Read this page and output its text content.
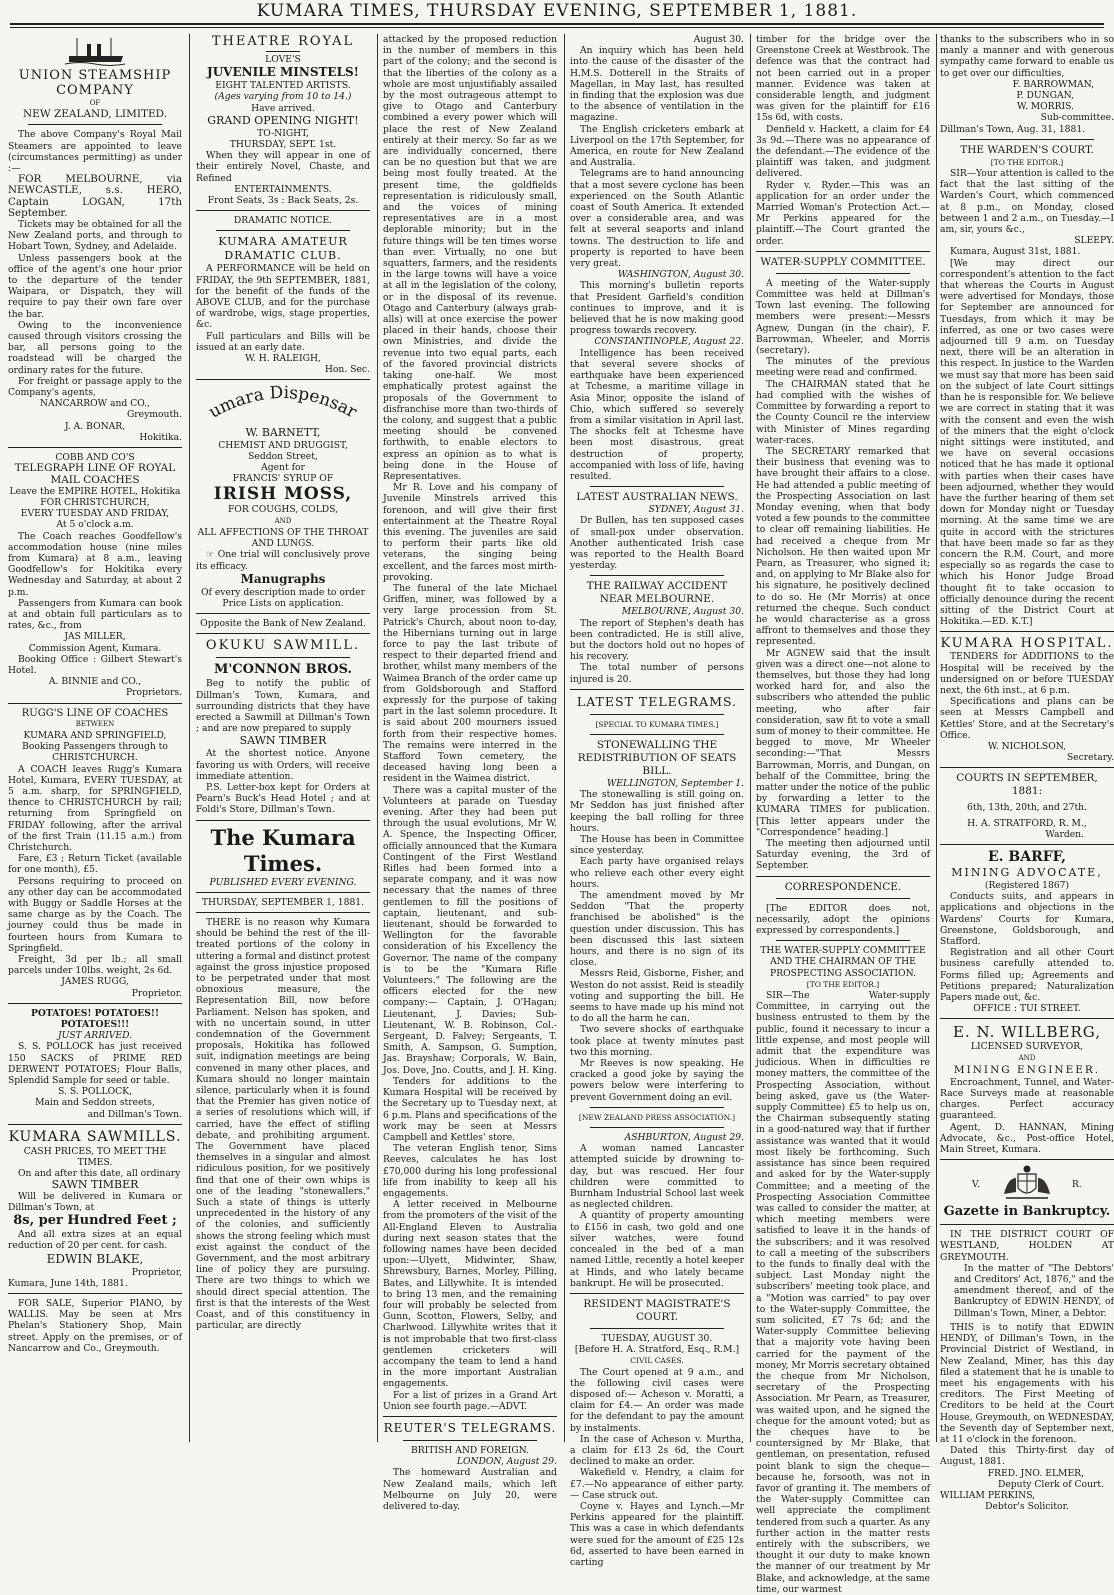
KUMARA TIMES, THURSDAY EVENING, SEPTEMBER 1, 1881.

UNION STEAMSHIP COMPANY

OF

NEW ZEALAND, LIMITED.

The above Company's Royal Mail Steamers are appointed to leave (circumstances permitting) as under :—

FOR MELBOURNE, via NEWCASTLE, s.s. HERO, Captain LOGAN, 17th September.

Tickets may be obtained for all the New Zealand ports, and through to Hobart Town, Sydney, and Adelaide.

Unless passengers book at the office of the agent's one hour prior to the departure of the tender Waipara, or Dispatch, they will require to pay their own fare over the bar.

Owing to the inconvenience caused through visitors crossing the bar, all persons going to the roadstead will be charged the ordinary rates for the future.

For freight or passage apply to the Company's agents,

NANCARROW and CO.,

Greymouth.

J. A. BONAR,

Hokitika.

COBB AND CO'S

TELEGRAPH LINE OF ROYAL MAIL COACHES

Leave the EMPIRE HOTEL, Hokitika

FOR CHRISTCHURCH,

EVERY TUESDAY AND FRIDAY,

At 5 o'clock a.m.

The Coach reaches Goodfellow's accommodation house (nine miles from Kumara) at 8 a.m., leaving Goodfellow's for Hokitika every Wednesday and Saturday, at about 2 p.m.

Passengers from Kumara can book at and obtain full particulars as to rates, &c., from

JAS MILLER,

Commission Agent, Kumara.

Booking Office : Gilbert Stewart's Hotel.

A. BINNIE and CO.,

Proprietors.

RUGG'S LINE OF COACHES

BETWEEN

KUMARA AND SPRINGFIELD,

Booking Passengers through to

CHRISTCHURCH.

A COACH leaves Rugg's Kumara Hotel, Kumara, EVERY TUESDAY, at 5 a.m. sharp, for SPRINGFIELD, thence to CHRISTCHURCH by rail; returning from Springfield on FRIDAY following, after the arrival of the first Train (11.15 a.m.) from Christchurch.

Fare, £3 ; Return Ticket (available for one month), £5.

Persons requiring to proceed on any other day can be accommodated with Buggy or Saddle Horses at the same charge as by the Coach. The journey could thus be made in fourteen hours from Kumara to Springfield.

Freight, 3d per lb.; all small parcels under 10lbs. weight, 2s 6d.

JAMES RUGG,

Proprietor.

POTATOES! POTATOES!! POTATOES!!!

JUST ARRIVED.

S. S. POLLOCK has just received 150 SACKS of PRIME RED DERWENT POTATOES; Flour Balls, Splendid Sample for seed or table.

S. S. POLLOCK,

Main and Seddon streets,

and Dillman's Town.

KUMARA SAWMILLS.

CASH PRICES, TO MEET THE TIMES.

On and after this date, all ordinary

SAWN TIMBER

Will be delivered in Kumara or Dillman's Town, at

8s, per Hundred Feet ;

And all extra sizes at an equal reduction of 20 per cent. for cash.

EDWIN BLAKE,

Proprietor,

Kumara, June 14th, 1881.

FOR SALE, Superior PIANO, by WALLIS. May be seen at Mrs Phelan's Stationery Shop, Main street. Apply on the premises, or of Nancarrow and Co., Greymouth.

THEATRE ROYAL

LOVE'S

JUVENILE MINSTELS!

EIGHT TALENTED ARTISTS.

(Ages varying from 10 to 14.)

Have arrived.

GRAND OPENING NIGHT!

TO-NIGHT,

THURSDAY, SEPT. 1st.

When they will appear in one of their entirely Novel, Chaste, and Refined

ENTERTAINMENTS.

Front Seats, 3s : Back Seats, 2s.

DRAMATIC NOTICE.

KUMARA AMATEUR DRAMATIC CLUB.

A PERFORMANCE will be held on FRIDAY, the 9th SEPTEMBER, 1881, for the benefit of the funds of the ABOVE CLUB, and for the purchase of wardrobe, wigs, stage properties, &c.

Full particulars and Bills will be issued at an early date.

W. H. RALEIGH,

Hon. Sec.

umara Dispensar

W. BARNETT,

CHEMIST AND DRUGGIST,

Seddon Street,

Agent for

FRANCIS' SYRUP OF

IRISH MOSS,

FOR COUGHS, COLDS,

AND

ALL AFFECTIONS OF THE THROAT AND LUNGS.

☞ One trial will conclusively prove its efficacy.

Manugraphs

Of every description made to order Price Lists on application.

Opposite the Bank of New Zealand.

OKUKU SAWMILL.

M'CONNON BROS.

Beg to notify the public of Dillman's Town, Kumara, and surrounding districts that they have erected a Sawmill at Dillman's Town ; and are now prepared to supply

SAWN TIMBER

At the shortest notice. Anyone favoring us with Orders, will receive immediate attention.

P.S. Letter-box kept for Orders at Pearn's Buck's Head Hotel ; and at Foldi's Store, Dillman's Town.

The Kumara Times.

PUBLISHED EVERY EVENING.

THURSDAY, SEPTEMBER 1, 1881.

THERE is no reason why Kumara should be behind the rest of the ill-treated portions of the colony in uttering a formal and distinct protest against the gross injustice proposed to be perpetrated under that most obnoxious measure, the Representation Bill, now before Parliament. Nelson has spoken, and with no uncertain sound, in utter condemnation of the Government proposals, Hokitika has followed suit, indignation meetings are being convened in many other places, and Kumara should no longer maintain silence, particularly when it is found that the Premier has given notice of a series of resolutions which will, if carried, have the effect of stifling debate, and prohibiting argument. The Government have placed themselves in a singular and almost ridiculous position, for we positively find that one of their own whips is one of the leading "stonewallers." Such a state of things is utterly unprecedented in the history of any of the colonies, and sufficiently shows the strong feeling which must exist against the conduct of the Government, and the most arbitrary line of policy they are pursuing. There are two things to which we should direct special attention. The first is that the interests of the West Coast, and of this constituency in particular, are directly

attacked by the proposed reduction in the number of members in this part of the colony; and the second is that the liberties of the colony as a whole are most unjustifiably assailed by the most outrageous attempt to give to Otago and Canterbury combined a every power which will place the rest of New Zealand entirely at their mercy. So far as we are individually concerned, there can be no question but that we are being most foully treated. At the present time, the goldfields representation is ridiculously small, and the voices of mining representatives are in a most deplorable minority; but in the future things will be ten times worse than ever. Virtually, no one but squatters, farmers, and the residents in the large towns will have a voice at all in the legislation of the colony, or in the disposal of its revenue. Otago and Canterbury (always grab-alls) will at once exercise the power placed in their hands, choose their own Ministries, and divide the revenue into two equal parts, each of the favored provincial districts taking one-half. We most emphatically protest against the proposals of the Government to disfranchise more than two-thirds of the colony, and suggest that a public meeting should be convened forthwith, to enable electors to express an opinion as to what is being done in the House of Representatives.

Mr R. Love and his company of Juvenile Minstrels arrived this forenoon, and will give their first entertainment at the Theatre Royal this evening. The juveniles are said to perform their parts like old veterans, the singing being excellent, and the farces most mirth-provoking.

The funeral of the late Michael Griffen, miner, was followed by a very large procession from St. Patrick's Church, about noon to-day, the Hibernians turning out in large force to pay the last tribute of respect to their departed friend and brother, whilst many members of the Waimea Branch of the order came up from Goldsborough and Stafford expressly for the purpose of taking part in the last solemn procedure. It is said about 200 mourners issued forth from their respective homes. The remains were interred in the Stafford Town cemetery, the deceased having long been a resident in the Waimea district.

There was a capital muster of the Volunteers at parade on Tuesday evening. After they had been put through the usual evolutions, Mr W. A. Spence, the Inspecting Officer, officially announced that the Kumara Contingent of the First Westland Rifles had been formed into a separate company, and it was now necessary that the names of three gentlemen to fill the positions of captain, lieutenant, and sub-lieutenant, should be forwarded to Wellington for the favorable consideration of his Excellency the Governor. The name of the company is to be the "Kumara Rifle Volunteers." The following are the officers elected for the new company:— Captain, J. O'Hagan; Lieutenant, J. Davies; Sub-Lieutenant, W. B. Robinson, Col.-Sergeant, D. Falvey; Sergeants, T. Smith, A. Sampson, G. Sumption, Jas. Brayshaw; Corporals, W. Bain, Jos. Dove, Jno. Coutts, and J. H. King.

Tenders for additions to the Kumara Hospital will be received by the Secretary up to Tuesday next, at 6 p.m. Plans and specifications of the work may be seen at Messrs Campbell and Kettles' store.

The veteran English tenor, Sims Reeves, calculates he has lost £70,000 during his long professional life from inability to keep all his engagements.

A letter received in Melbourne from the promoters of the visit of the All-England Eleven to Australia during next season states that the following names have been decided upon:—Ulyett, Midwinter, Shaw, Shrewsbury, Barnes, Morley, Pilling, Bates, and Lillywhite. It is intended to bring 13 men, and the remaining four will probably be selected from Gunn, Scotton, Flowers, Selby, and Charlwood. Lillywhite writes that it is not improbable that two first-class gentlemen cricketers will accompany the team to lend a hand in the more important Australian engagements.

For a list of prizes in a Grand Art Union see fourth page.—ADVT.

REUTER'S TELEGRAMS.

BRITISH AND FOREIGN.

LONDON, August 29.

The homeward Australian and New Zealand mails, which left Melbourne on July 20, were delivered to-day.

August 30.

An inquiry which has been held into the cause of the disaster of the H.M.S. Dotterell in the Straits of Magellan, in May last, has resulted in finding that the explosion was due to the absence of ventilation in the magazine.

The English cricketers embark at Liverpool on the 17th September, for America, en route for New Zealand and Australia.

Telegrams are to hand announcing that a most severe cyclone has been experienced on the South Atlantic coast of South America. It extended over a considerable area, and was felt at several seaports and inland towns. The destruction to life and property is reported to have been very great.

WASHINGTON, August 30.

This morning's bulletin reports that President Garfield's condition continues to improve, and it is believed that he is now making good progress towards recovery.

CONSTANTINOPLE, August 22.

Intelligence has been received that several severe shocks of earthquake have been experienced at Tchesme, a maritime village in Asia Minor, opposite the island of Chio, which suffered so severely from a similar visitation in April last. The shocks felt at Tchesme have been most disastrous, great destruction of property, accompanied with loss of life, having resulted.

LATEST AUSTRALIAN NEWS.

SYDNEY, August 31.

Dr Bullen, has ten supposed cases of small-pox under observation. Another authenticated Irish case was reported to the Health Board yesterday.

THE RAILWAY ACCIDENT NEAR MELBOURNE.

MELBOURNE, August 30.

The report of Stephen's death has been contradicted. He is still alive, but the doctors hold out no hopes of his recovery.

The total number of persons injured is 20.

LATEST TELEGRAMS.

[SPECIAL TO KUMARA TIMES.]

STONEWALLING THE REDISTRIBUTION OF SEATS BILL.

WELLINGTON, September 1.

The stonewalling is still going on. Mr Seddon has just finished after keeping the ball rolling for three hours.

The House has been in Committee since yesterday.

Each party have organised relays who relieve each other every eight hours.

The amendment moved by Mr Seddon "That the property franchised be abolished" is the question under discussion. This has been discussed this last sixteen hours, and there is no sign of its close.

Messrs Reid, Gisborne, Fisher, and Weston do not assist. Reid is steadily voting and supporting the bill. He seems to have made up his mind not to do all the harm he can.

Two severe shocks of earthquake took place at twenty minutes past two this morning.

Mr Reeves is now speaking. He cracked a good joke by saying the powers below were interfering to prevent Government doing an evil.

[NEW ZEALAND PRESS ASSOCIATION.]

ASHBURTON, August 29.

A woman named Lancaster attempted suicide by drowning to-day, but was rescued. Her four children were committed to Burnham Industrial School last week as neglected children.

A quantity of property amounting to £156 in cash, two gold and one silver watches, were found concealed in the bed of a man named Little, recently a hotel keeper at Hinds, and who lately became bankrupt. He will be prosecuted.

RESIDENT MAGISTRATE'S COURT.

TUESDAY, AUGUST 30.

[Before H. A. Stratford, Esq., R.M.]

CIVIL CASES.

The Court opened at 9 a.m., and the following civil cases were disposed of:— Acheson v. Moratti, a claim for £4.— An order was made for the defendant to pay the amount by instalments.

In the case of Acheson v. Murtha, a claim for £13 2s 6d, the Court declined to make an order.

Wakefield v. Hendry, a claim for £7.—No appearance of either party.— Case struck out.

Coyne v. Hayes and Lynch.—Mr Perkins appeared for the plaintiff. This was a case in which defendants were sued for the amount of £25 12s 6d, asserted to have been earned in carting

timber for the bridge over the Greenstone Creek at Westbrook. The defence was that the contract had not been carried out in a proper manner. Evidence was taken at considerable length, and judgment was given for the plaintiff for £16 15s 6d, with costs.

Denfield v. Hackett, a claim for £4 3s 9d.—There was no appearance of the defendant.—The evidence of the plaintiff was taken, and judgment delivered.

Ryder v. Ryder.—This was an application for an order under the Married Woman's Protection Act.—Mr Perkins appeared for the plaintiff.—The Court granted the order.

WATER-SUPPLY COMMITTEE.

A meeting of the Water-supply Committee was held at Dillman's Town last evening. The following members were present:—Messrs Agnew, Dungan (in the chair), F. Barrowman, Wheeler, and Morris (secretary).

The minutes of the previous meeting were read and confirmed.

The CHAIRMAN stated that he had complied with the wishes of Committee by forwarding a report to the County Council re the interview with Minister of Mines regarding water-races.

The SECRETARY remarked that their business that evening was to have brought their affairs to a close. He had attended a public meeting of the Prospecting Association on last Monday evening, when that body voted a few pounds to the committee to clear off remaining liabilities. He had received a cheque from Mr Nicholson. He then waited upon Mr Pearn, as Treasurer, who signed it; and, on applying to Mr Blake also for his signature, he positively declined to do so. He (Mr Morris) at once returned the cheque. Such conduct he would characterise as a gross affront to themselves and those they represented.

Mr AGNEW said that the insult given was a direct one—not alone to themselves, but those they had long worked hard for, and also the subscribers who attended the public meeting, who after fair consideration, saw fit to vote a small sum of money to their committee. He begged to move, Mr Wheeler seconding:—"That Messrs Barrowman, Morris, and Dungan, on behalf of the Committee, bring the matter under the notice of the public by forwarding a letter to the KUMARA TIMES for publication. [This letter appears under the "Correspondence" heading.]

The meeting then adjourned until Saturday evening, the 3rd of September.

CORRESPONDENCE.

[The EDITOR does not, necessarily, adopt the opinions expressed by correspondents.]

THE WATER-SUPPLY COMMITTEE AND THE CHAIRMAN OF THE PROSPECTING ASSOCIATION.

[TO THE EDITOR.]

SIR—The Water-supply Committee, in carrying out the business entrusted to them by the public, found it necessary to incur a little expense, and most people will admit that the expenditure was judicious. When in difficulties re money matters, the committee of the Prospecting Association, without being asked, gave us (the Water-supply Committee) £5 to help us on, the Chairman subsequently stating in a good-natured way that if further assistance was wanted that it would most likely be forthcoming. Such assistance has since been required and asked for by the Water-supply Committee; and a meeting of the Prospecting Association Committee was called to consider the matter, at which meeting members were satisfied to leave it in the hands of the subscribers; and it was resolved to call a meeting of the subscribers to the funds to finally deal with the subject. Last Monday night the subscribers' meeting took place, and a "Motion was carried" to pay over to the Water-supply Committee, the sum solicited, £7 7s 6d; and the Water-supply Committee believing that a majority vote having been carried for the payment of the money, Mr Morris secretary obtained the cheque from Mr Nicholson, secretary of the Prospecting Association. Mr Pearn, as Treasurer, was waited upon, and he signed the cheque for the amount voted; but as the cheques have to be countersigned by Mr Blake, that gentleman, on presentation, refused point blank to sign the cheque—because he, forsooth, was not in favor of granting it. The members of the Water-supply Committee can well appreciate the compliment tendered from such a quarter. As any further action in the matter rests entirely with the subscribers, we thought it our duty to make known the manner of our treatment by Mr Blake, and acknowledge, at the same time, our warmest

thanks to the subscribers who in so manly a manner and with generous sympathy came forward to enable us to get over our difficulties,

F. BARROWMAN,

P. DUNGAN,

W. MORRIS.

Sub-committee.

Dillman's Town, Aug. 31, 1881.

THE WARDEN'S COURT.

[TO THE EDITOR.]

SIR—Your attention is called to the fact that the last sitting of the Warden's Court, which commenced at 8 p.m., on Monday, closed between 1 and 2 a.m., on Tuesday.—I am, sir, yours &c.,

SLEEPY.

Kumara, August 31st, 1881.

[We may direct our correspondent's attention to the fact that whereas the Courts in August were advertised for Mondays, those for September are announced for Tuesdays, from which it may be inferred, as one or two cases were adjourned till 9 a.m. on Tuesday next, there will be an alteration in this respect. In justice to the Warden we must say that more has been said on the subject of late Court sittings than he is responsible for. We believe we are correct in stating that it was with the consent and even the wish of the miners that the eight o'clock night sittings were instituted, and we have on several occasions noticed that he has made it optional with parties when their cases have been adjourned, whether they would have the further hearing of them set down for Monday night or Tuesday morning. At the same time we are quite in accord with the strictures that have been made so far as they concern the R.M. Court, and more especially so as regards the case to which his Honor Judge Broad thought fit to take occasion to officially denounce during the recent sitting of the District Court at Hokitika.—ED. K.T.]

KUMARA HOSPITAL.

TENDERS for ADDITIONS to the Hospital will be received by the undersigned on or before TUESDAY next, the 6th inst., at 6 p.m.

Specifications and plans can be seen at Messrs Campbell and Kettles' Store, and at the Secretary's Office.

W. NICHOLSON,

Secretary.

COURTS IN SEPTEMBER, 1881:

6th, 13th, 20th, and 27th.

H. A. STRATFORD, R. M.,

Warden.

E. BARFF,

MINING ADVOCATE,

(Registered 1867)

Conducts suits, and appears in applications and objections in the Wardens' Courts for Kumara, Greenstone, Goldsborough, and Stafford.

Registration and all other Court business carefully attended to. Forms filled up; Agreements and Petitions prepared; Naturalization Papers made out, &c.

OFFICE : TUI STREET.

E. N. WILLBERG,

LICENSED SURVEYOR,

AND

MINING ENGINEER.

Encroachment, Tunnel, and Water-Race Surveys made at reasonable charges. Perfect accuracy guaranteed.

Agent, D. HANNAN, Mining Advocate, &c., Post-office Hotel, Main Street, Kumara.

V.	R.

Gazette in Bankruptcy.

IN THE DISTRICT COURT OF WESTLAND, HOLDEN AT GREYMOUTH.

In the matter of "The Debtors' and Creditors' Act, 1876," and the amendment thereof, and of the Bankruptcy of EDWIN HENDY, of Dillman's Town, Miner, a Debtor.

THIS is to notify that EDWIN HENDY, of Dillman's Town, in the Provincial District of Westland, in New Zealand, Miner, has this day filed a statement that he is unable to meet his engagements with his creditors. The First Meeting of Creditors to be held at the Court House, Greymouth, on WEDNESDAY, the Seventh day of September next, at 11 o'clock in the forenoon.

Dated this Thirty-first day of August, 1881.

FRED. JNO. ELMER,

Deputy Clerk of Court.

WILLIAM PERKINS,

Debtor's Solicitor.
